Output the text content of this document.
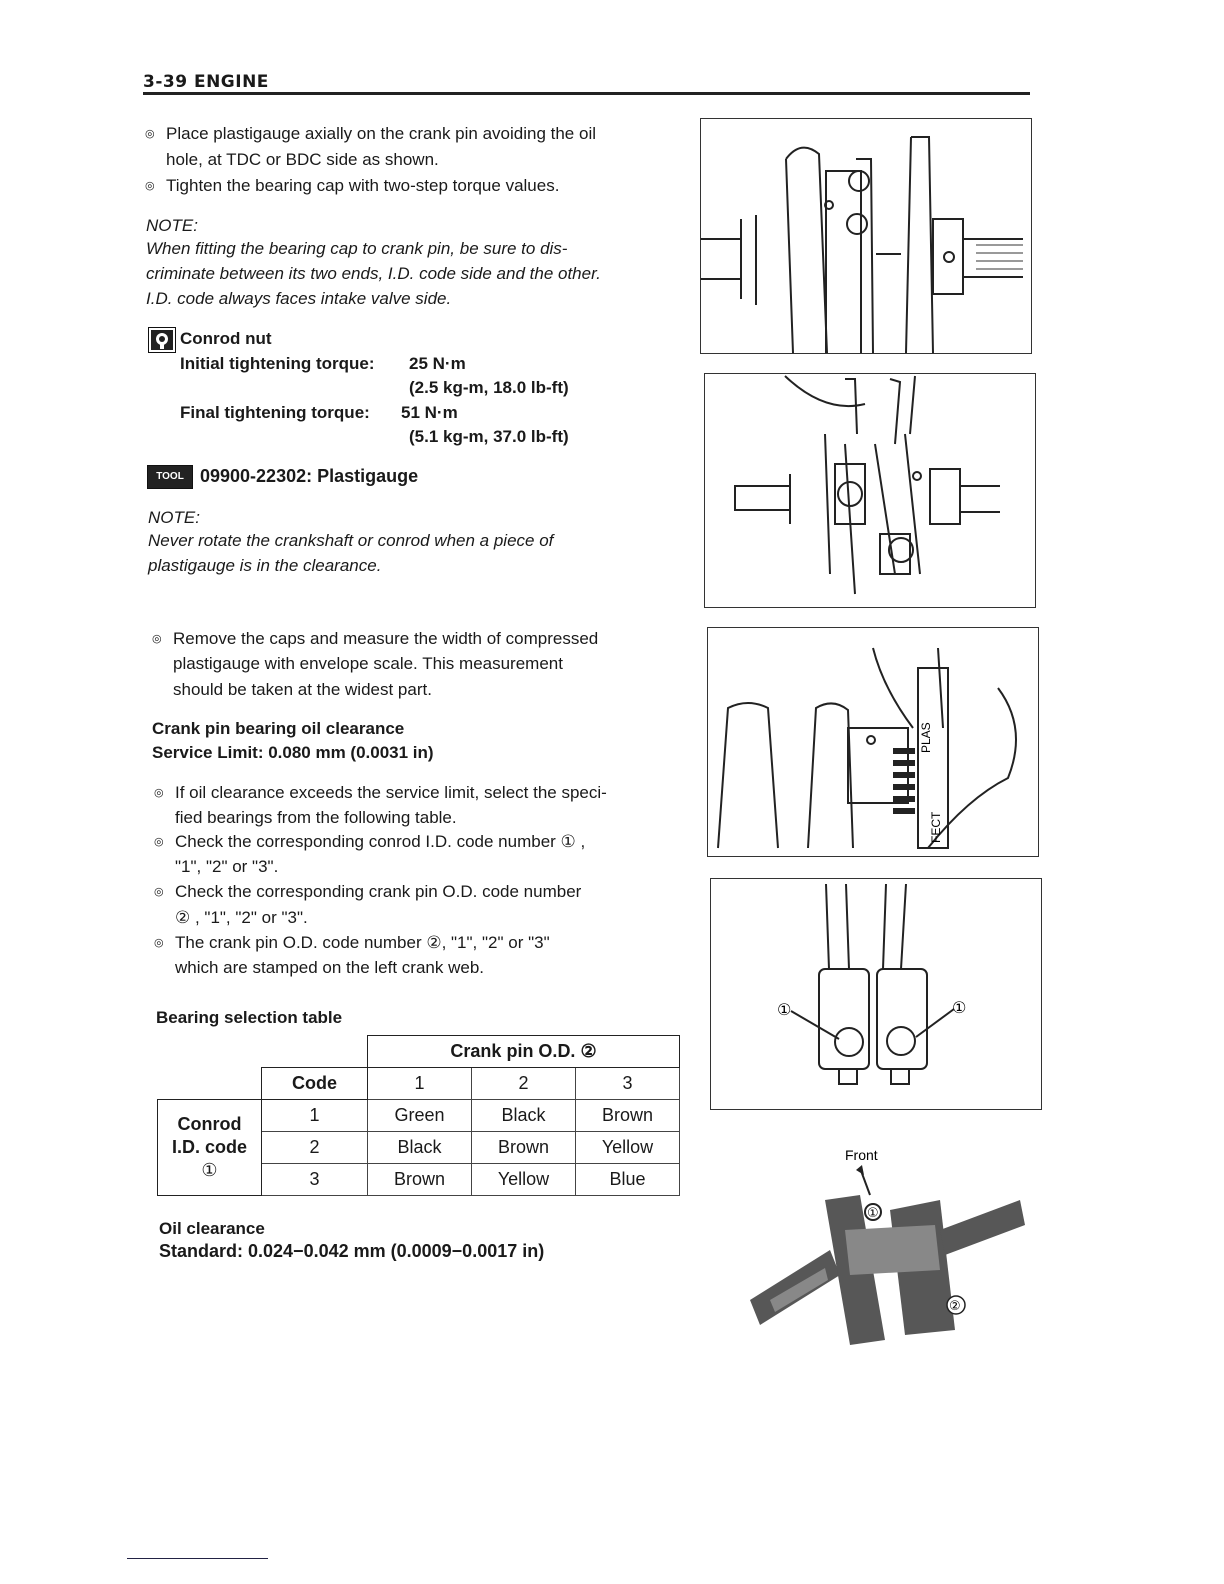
3-39 ENGINE
◎ Place plastigauge axially on the crank pin avoiding the oil
hole, at TDC or BDC side as shown.
◎ Tighten the bearing cap with two-step torque values.
NOTE:
When fitting the bearing cap to crank pin, be sure to dis-
criminate between its two ends, I.D. code side and the other.
I.D. code always faces intake valve side.
Conrod nut
Initial tightening torque: 25 N·m
(2.5 kg-m, 18.0 lb-ft)
Final tightening torque: 51 N·m
(5.1 kg-m, 37.0 lb-ft)
TOOL 09900-22302: Plastigauge
NOTE:
Never rotate the crankshaft or conrod when a piece of
plastigauge is in the clearance.
◎ Remove the caps and measure the width of compressed
plastigauge with envelope scale. This measurement
should be taken at the widest part.
Crank pin bearing oil clearance
Service Limit: 0.080 mm (0.0031 in)
◎ If oil clearance exceeds the service limit, select the speci-
fied bearings from the following table.
◎ Check the corresponding conrod I.D. code number ① ,
"1", "2" or "3".
◎ Check the corresponding crank pin O.D. code number
② , "1", "2" or "3".
◎ The crank pin O.D. code number ②, "1", "2" or "3"
which are stamped on the left crank web.
Bearing selection table
		Crank pin O.D. ②		
	Code	1	2	3

Conrod
I.D. code
①	1	Green	Black	Brown
	2	Black	Brown	Yellow
	3	Brown	Yellow	Blue
Oil clearance
Standard: 0.024−0.042 mm (0.0009−0.0017 in)
PLAS
FECT
①	①
Front
①
②
